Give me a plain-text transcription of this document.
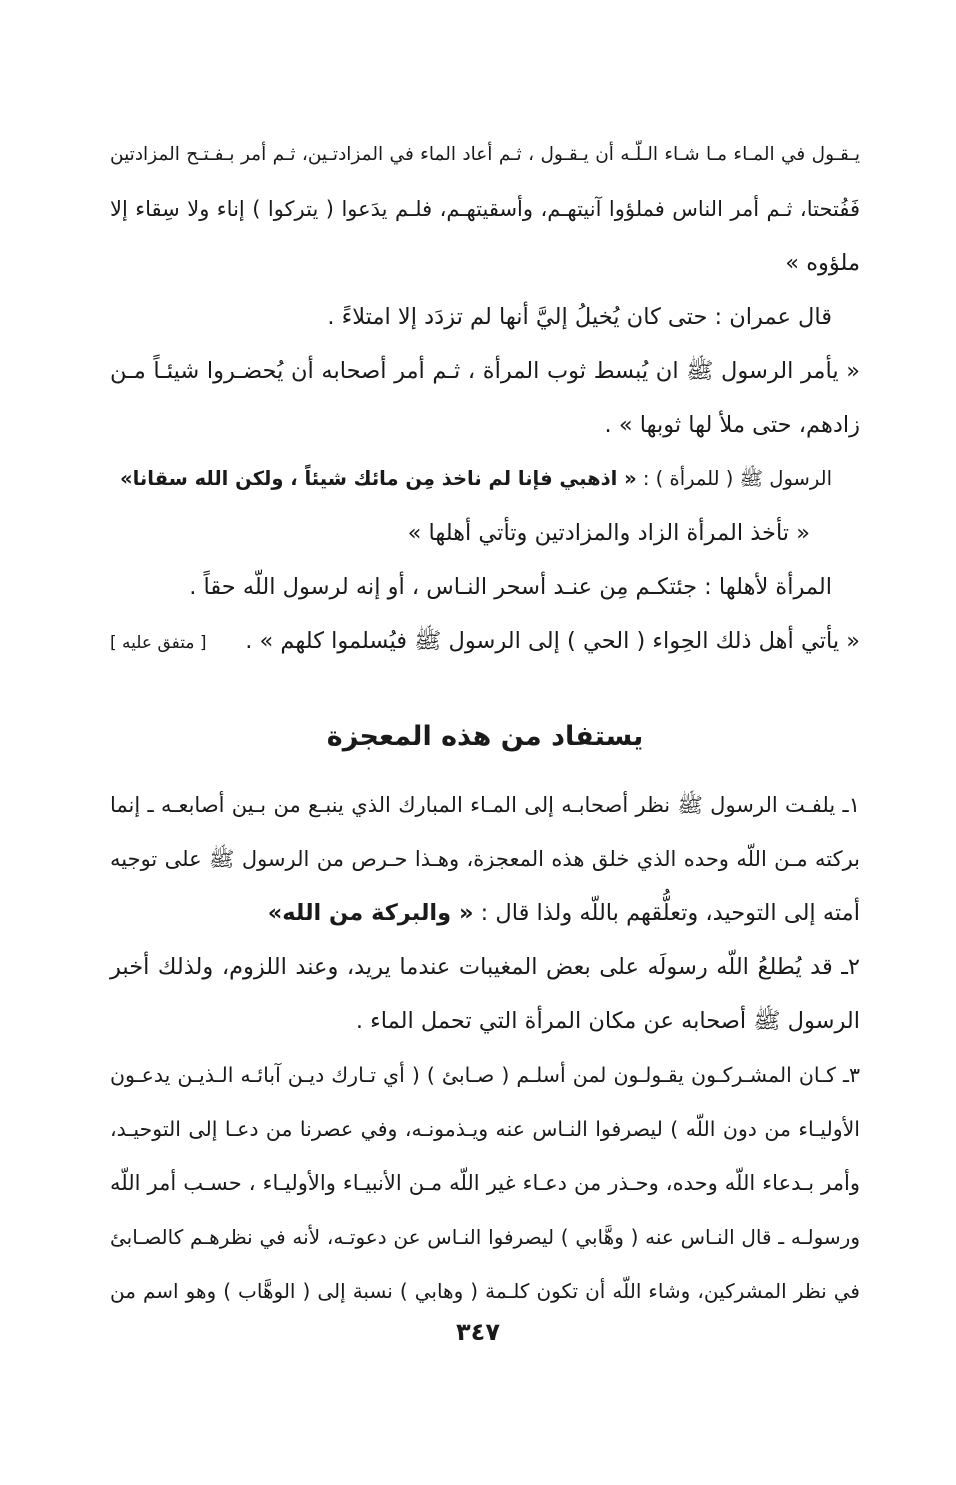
يـقـول في المـاء مـا شـاء الـلّـه أن يـقـول ، ثـم أعاد الماء في المزادتـين، ثـم أمر بـفـتـح المزادتين
فَفُتحتا، ثـم أمر الناس فملؤوا آنيتهـم، وأسقيتهـم، فلـم يدَعوا ( يتركوا ) إناء ولا سِقاء إلا
ملؤوه »
قال عمران : حتى كان يُخيلُ إليَّ أنها لم تزدَد إلا امتلاءً .
« يأمر الرسول ﷺ ان يُبسط ثوب المرأة ، ثـم أمر أصحابه أن يُحضـروا شيئـاً مـن
زادهم، حتى ملأ لها ثوبها » .
الرسول ﷺ ( للمرأة ) : « اذهبي فإنا لم ناخذ مِن مائك شيئاً ، ولكن الله سقانا»
« تأخذ المرأة الزاد والمزادتين وتأتي أهلها »
المرأة لأهلها : جئتكـم مِن عنـد أسحر النـاس ، أو إنه لرسول اللّه حقاً .
« يأتي أهل ذلك الحِواء ( الحي ) إلى الرسول ﷺ فيُسلموا كلهم » .
[ متفق عليه ]
يستفاد من هذه المعجزة
١ـ يلفـت الرسول ﷺ نظر أصحابـه إلى المـاء المبارك الذي ينبـع من بـين أصابعـه ـ إنما
بركته مـن اللّه وحده الذي خلق هذه المعجزة، وهـذا حـرص من الرسول ﷺ على توجيه
أمته إلى التوحيد، وتعلُّقهم باللّه ولذا قال : « والبركة من الله»
٢ـ قد يُطلعُ اللّه رسولَه على بعض المغيبات عندما يريد، وعند اللزوم، ولذلك أخبر
الرسول ﷺ أصحابه عن مكان المرأة التي تحمل الماء .
٣ـ كـان المشـركـون يقـولـون لمن أسلـم ( صـابئ ) ( أي تـارك ديـن آبائـه الـذيـن يدعـون
الأوليـاء من دون اللّه ) ليصرفوا النـاس عنه ويـذمونـه، وفي عصرنا من دعـا إلى التوحيـد،
وأمر بـدعاء اللّه وحده، وحـذر من دعـاء غير اللّه مـن الأنبيـاء والأوليـاء ، حسـب أمر اللّه
ورسولـه ـ قال النـاس عنه ( وهَّابي ) ليصرفوا النـاس عن دعوتـه، لأنه في نظرهـم كالصـابئ
في نظر المشركين، وشاء اللّه أن تكون كلـمة ( وهابي ) نسبة إلى ( الوهَّاب ) وهو اسم من
٣٤٧
